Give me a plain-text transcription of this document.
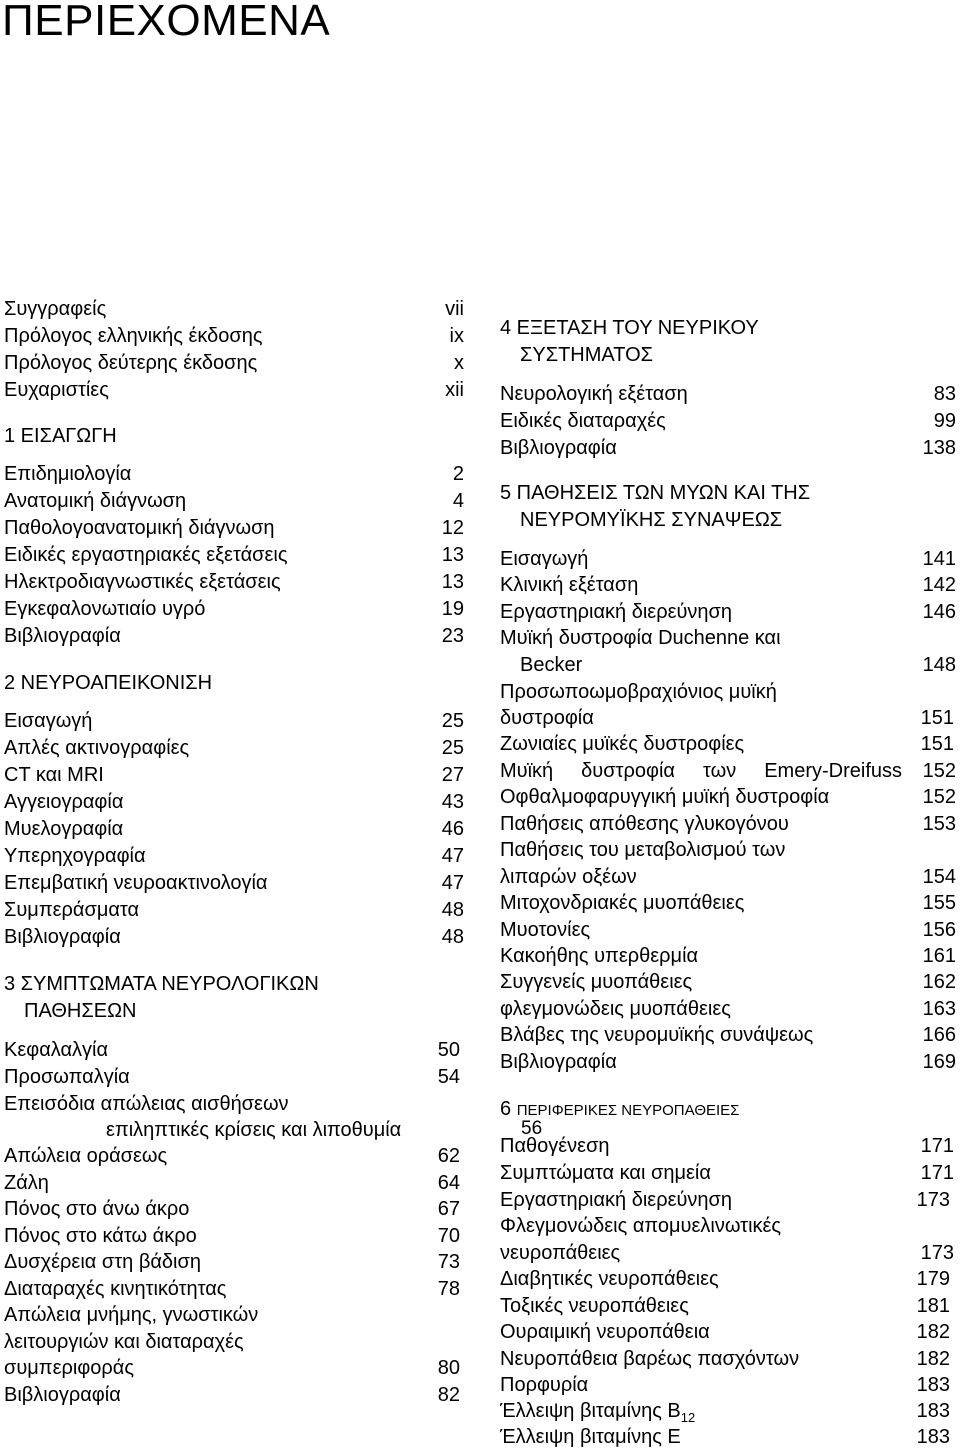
ΠΕΡΙΕΧΟΜΕΝΑ
Συγγραφείς	vii
Πρόλογος ελληνικής έκδοσης	ix
Πρόλογος δεύτερης έκδοσης	x
Ευχαριστίες	xii
1 ΕΙΣΑΓΩΓΗ
Επιδημιολογία	2
Ανατομική διάγνωση	4
Παθολογοανατομική διάγνωση	12
Ειδικές εργαστηριακές εξετάσεις	13
Ηλεκτροδιαγνωστικές εξετάσεις	13
Εγκεφαλονωτιαίο υγρό	19
Βιβλιογραφία	23
2 ΝΕΥΡΟΑΠΕΙΚΟΝΙΣΗ
Εισαγωγή	25
Απλές ακτινογραφίες	25
CT και MRI	27
Αγγειογραφία	43
Μυελογραφία	46
Υπερηχογραφία	47
Επεμβατική νευροακτινολογία	47
Συμπεράσματα	48
Βιβλιογραφία	48
3 ΣΥΜΠΤΩΜΑΤΑ ΝΕΥΡΟΛΟΓΙΚΩΝ
ΠΑΘΗΣΕΩΝ
Κεφαλαλγία	50
Προσωπαλγία	54
Επεισόδια απώλειας αισθήσεων
επιληπτικές κρίσεις και λιποθυμία
Απώλεια οράσεως	62
Ζάλη	64
Πόνος στο άνω άκρο	67
Πόνος στο κάτω άκρο	70
Δυσχέρεια στη βάδιση	73
Διαταραχές κινητικότητας	78
Απώλεια μνήμης, γνωστικών
λειτουργιών και διαταραχές
συμπεριφοράς	80
Βιβλιογραφία	82
4 ΕΞΕΤΑΣΗ ΤΟΥ ΝΕΥΡΙΚΟΥ
ΣΥΣΤΗΜΑΤΟΣ
Νευρολογική εξέταση	83
Ειδικές διαταραχές	99
Βιβλιογραφία	138
5 ΠΑΘΗΣΕΙΣ ΤΩΝ ΜΥΩΝ ΚΑΙ ΤΗΣ
ΝΕΥΡΟΜΥΪΚΗΣ ΣΥΝΑΨΕΩΣ
Εισαγωγή	141
Κλινική εξέταση	142
Εργαστηριακή διερεύνηση	146
Μυϊκή δυστροφία Duchenne και
Becker	148
Προσωποωμοβραχιόνιος μυϊκή
δυστροφία	151
Ζωνιαίες μυϊκές δυστροφίες	151
Μυϊκή δυστροφία των Emery-Dreifuss 152
Οφθαλμοφαρυγγική μυϊκή δυστροφία	152
Παθήσεις απόθεσης γλυκογόνου	153
Παθήσεις του μεταβολισμού των
λιπαρών οξέων	154
Μιτοχονδριακές μυοπάθειες	155
Μυοτονίες	156
Κακοήθης υπερθερμία	161
Συγγενείς μυοπάθειες	162
φλεγμονώδεις μυοπάθειες	163
Βλάβες της νευρομυϊκής συνάψεως	166
Βιβλιογραφία	169
6 ΠΕΡΙΦΕΡΙΚΕΣ ΝΕΥΡΟΠΑΘΕΙΕΣ
56
Παθογένεση	171
Συμπτώματα και σημεία	171
Εργαστηριακή διερεύνηση	173
Φλεγμονώδεις απομυελινωτικές
νευροπάθειες	173
Διαβητικές νευροπάθειες	179
Τοξικές νευροπάθειες	181
Ουραιμική νευροπάθεια	182
Νευροπάθεια βαρέως πασχόντων	182
Πορφυρία	183
Έλλειψη βιταμίνης $B_{12}$	183
Έλλειψη βιταμίνης Ε	183
